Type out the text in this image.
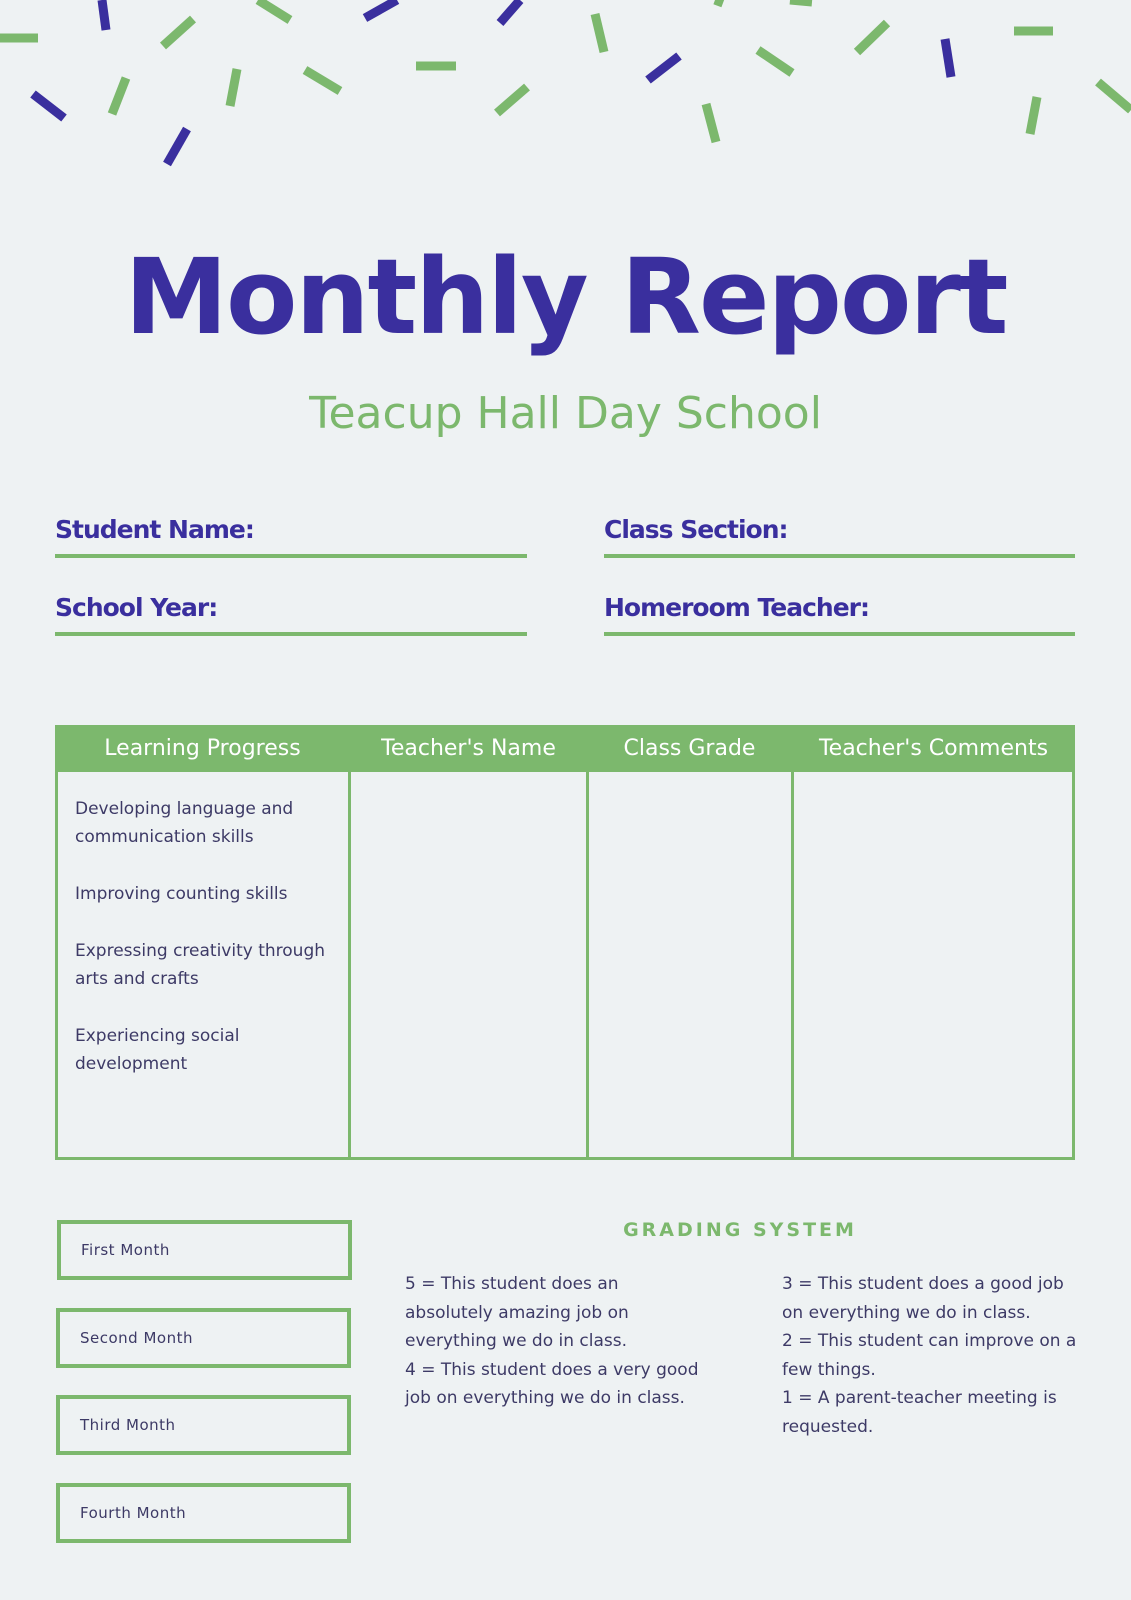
Monthly Report
Teacup Hall Day School
Student Name:	Class Section:
School Year:	Homeroom Teacher:
Learning Progress	Teacher's Name	Class Grade	Teacher's Comments
Developing language and communication skills
Improving counting skills
Expressing creativity through arts and crafts
Experiencing social development
First Month
Second Month
Third Month
Fourth Month
GRADING SYSTEM
5 = This student does an absolutely amazing job on everything we do in class.
4 = This student does a very good job on everything we do in class.
3 = This student does a good job on everything we do in class.
2 = This student can improve on a few things.
1 = A parent-teacher meeting is requested.
